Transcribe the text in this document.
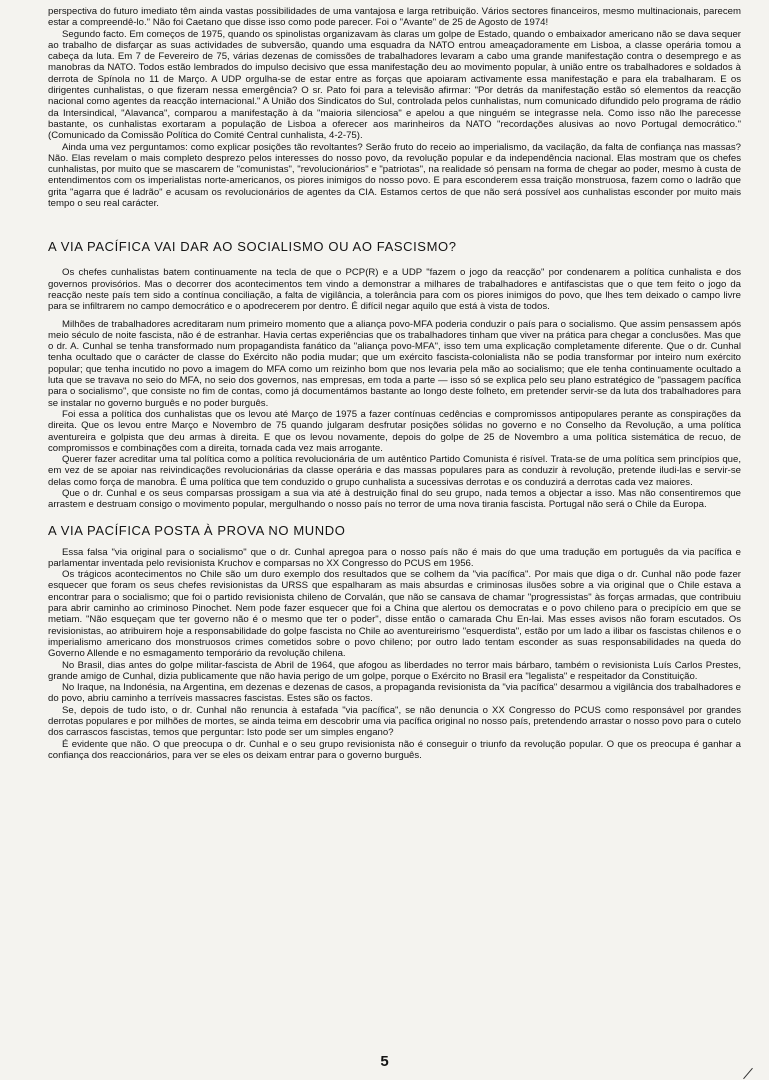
perspectiva do futuro imediato têm ainda vastas possibilidades de uma vantajosa e larga retribuição. Vários sectores financeiros, mesmo multinacionais, parecem estar a compreendê-lo." Não foi Caetano que disse isso como pode parecer. Foi o "Avante" de 25 de Agosto de 1974!

Segundo facto. Em começos de 1975, quando os spinolistas organizavam às claras um golpe de Estado, quando o embaixador americano não se dava sequer ao trabalho de disfarçar as suas actividades de subversão, quando uma esquadra da NATO entrou ameaçadoramente em Lisboa, a classe operária tomou a cabeça da luta. Em 7 de Fevereiro de 75, várias dezenas de comissões de trabalhadores levaram a cabo uma grande manifestação contra o desemprego e as manobras da NATO. Todos estão lembrados do impulso decisivo que essa manifestação deu ao movimento popular, à união entre os trabalhadores e soldados à derrota de Spínola no 11 de Março. A UDP orgulha-se de estar entre as forças que apoiaram activamente essa manifestação e para ela trabalharam. E os dirigentes cunhalistas, o que fizeram nessa emergência? O sr. Pato foi para a televisão afirmar: "Por detrás da manifestação estão só elementos da reacção nacional como agentes da reacção internacional." A União dos Sindicatos do Sul, controlada pelos cunhalistas, num comunicado difundido pelo programa de rádio da Intersindical, "Alavanca", comparou a manifestação à da "maioria silenciosa" e apelou a que ninguém se integrasse nela. Como isso não lhe parecesse bastante, os cunhalistas exortaram a população de Lisboa a oferecer aos marinheiros da NATO "recordações alusivas ao novo Portugal democrático." (Comunicado da Comissão Política do Comité Central cunhalista, 4-2-75).

Ainda uma vez perguntamos: como explicar posições tão revoltantes? Serão fruto do receio ao imperialismo, da vacilação, da falta de confiança nas massas? Não. Elas revelam o mais completo desprezo pelos interesses do nosso povo, da revolução popular e da independência nacional. Elas mostram que os chefes cunhalistas, por muito que se mascarem de "comunistas", "revolucionários" e "patriotas", na realidade só pensam na forma de chegar ao poder, mesmo à custa de entendimentos com os imperialistas norte-americanos, os piores inimigos do nosso povo. E para esconderem essa traição monstruosa, fazem como o ladrão que grita "agarra que é ladrão" e acusam os revolucionários de agentes da CIA. Estamos certos de que não será possível aos cunhalistas esconder por muito mais tempo o seu real carácter.

A VIA PACÍFICA VAI DAR AO SOCIALISMO OU AO FASCISMO?

Os chefes cunhalistas batem continuamente na tecla de que o PCP(R) e a UDP "fazem o jogo da reacção" por condenarem a política cunhalista e dos governos provisórios. Mas o decorrer dos acontecimentos tem vindo a demonstrar a milhares de trabalhadores e antifascistas que o que tem feito o jogo da reacção neste país tem sido a contínua conciliação, a falta de vigilância, a tolerância para com os piores inimigos do povo, que lhes tem deixado o campo livre para se infiltrarem no campo democrático e o apodrecerem por dentro. É difícil negar aquilo que está à vista de todos.

Milhões de trabalhadores acreditaram num primeiro momento que a aliança povo-MFA poderia conduzir o país para o socialismo. Que assim pensassem após meio século de noite fascista, não é de estranhar. Havia certas experiências que os trabalhadores tinham que viver na prática para chegar a conclusões. Mas que o dr. A. Cunhal se tenha transformado num propagandista fanático da "aliança povo-MFA", isso tem uma explicação completamente diferente. Que o dr. Cunhal tenha ocultado que o carácter de classe do Exército não podia mudar; que um exército fascista-colonialista não se podia transformar por inteiro num exército popular; que tenha incutido no povo a imagem do MFA como um reizinho bom que nos levaria pela mão ao socialismo; que ele tenha continuamente ocultado a luta que se travava no seio do MFA, no seio dos governos, nas empresas, em toda a parte — isso só se explica pelo seu plano estratégico de "passagem pacífica para o socialismo", que consiste no fim de contas, como já documentámos bastante ao longo deste folheto, em pretender servir-se da luta dos trabalhadores para se instalar no governo burguês e no poder burguês.

Foi essa a política dos cunhalistas que os levou até Março de 1975 a fazer contínuas cedências e compromissos antipopulares perante as conspirações da direita. Que os levou entre Março e Novembro de 75 quando julgaram desfrutar posições sólidas no governo e no Conselho da Revolução, a uma política aventureira e golpista que deu armas à direita. E que os levou novamente, depois do golpe de 25 de Novembro a uma política sistemática de recuo, de compromissos e combinações com a direita, tornada cada vez mais arrogante.

Querer fazer acreditar uma tal política como a política revolucionária de um autêntico Partido Comunista é risível. Trata-se de uma política sem princípios que, em vez de se apoiar nas reivindicações revolucionárias da classe operária e das massas populares para as conduzir à revolução, pretende iludi-las e servir-se delas como força de manobra. É uma política que tem conduzido o grupo cunhalista a sucessivas derrotas e os conduzirá a derrotas cada vez maiores.

Que o dr. Cunhal e os seus comparsas prossigam a sua via até à destruição final do seu grupo, nada temos a objectar a isso. Mas não consentiremos que arrastem e destruam consigo o movimento popular, mergulhando o nosso país no terror de uma nova tirania fascista. Portugal não será o Chile da Europa.

A VIA PACÍFICA POSTA À PROVA NO MUNDO

Essa falsa "via original para o socialismo" que o dr. Cunhal apregoa para o nosso país não é mais do que uma tradução em português da via pacífica e parlamentar inventada pelo revisionista Kruchov e comparsas no XX Congresso do PCUS em 1956.

Os trágicos acontecimentos no Chile são um duro exemplo dos resultados que se colhem da "via pacífica". Por mais que diga o dr. Cunhal não pode fazer esquecer que foram os seus chefes revisionistas da URSS que espalharam as mais absurdas e criminosas ilusões sobre a via original que o Chile estava a encontrar para o socialismo; que foi o partido revisionista chileno de Corvalán, que não se cansava de chamar "progressistas" às forças armadas, que contribuiu para abrir caminho ao criminoso Pinochet. Nem pode fazer esquecer que foi a China que alertou os democratas e o povo chileno para o precipício em que se metiam. "Não esqueçam que ter governo não é o mesmo que ter o poder", disse então o camarada Chu En-lai. Mas esses avisos não foram escutados. Os revisionistas, ao atribuirem hoje a responsabilidade do golpe fascista no Chile ao aventureirismo "esquerdista", estão por um lado a ilibar os fascistas chilenos e o imperialismo americano dos monstruosos crimes cometidos sobre o povo chileno; por outro lado tentam esconder as suas responsabilidades na queda do Governo Allende e no esmagamento temporário da revolução chilena.

No Brasil, dias antes do golpe militar-fascista de Abril de 1964, que afogou as liberdades no terror mais bárbaro, também o revisionista Luís Carlos Prestes, grande amigo de Cunhal, dizia publicamente que não havia perigo de um golpe, porque o Exército no Brasil era "legalista" e respeitador da Constituição.

No Iraque, na Indonésia, na Argentina, em dezenas e dezenas de casos, a propaganda revisionista da "via pacífica" desarmou a vigilância dos trabalhadores e do povo, abriu caminho a terríveis massacres fascistas. Estes são os factos.

Se, depois de tudo isto, o dr. Cunhal não renuncia à estafada "via pacífica", se não denuncia o XX Congresso do PCUS como responsável por grandes derrotas populares e por milhões de mortes, se ainda teima em descobrir uma via pacífica original no nosso país, pretendendo arrastar o nosso povo para o cutelo dos carrascos fascistas, temos que perguntar: Isto pode ser um simples engano?

É evidente que não. O que preocupa o dr. Cunhal e o seu grupo revisionista não é conseguir o triunfo da revolução popular. O que os preocupa é ganhar a confiança dos reaccionários, para ver se eles os deixam entrar para o governo burguês.

5
